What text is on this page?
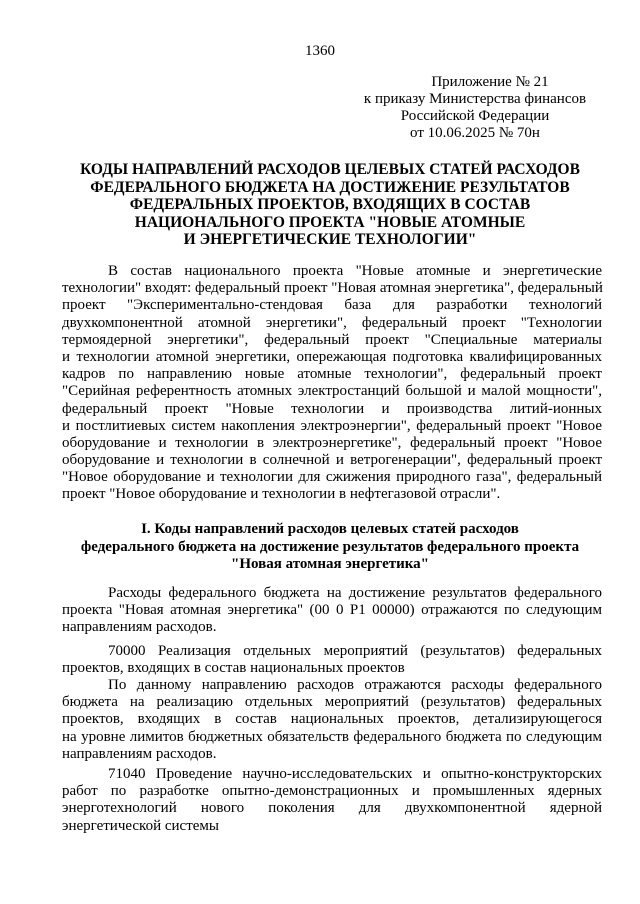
1360
Приложение № 21
к приказу Министерства финансов
Российской Федерации
от 10.06.2025 № 70н
КОДЫ НАПРАВЛЕНИЙ РАСХОДОВ ЦЕЛЕВЫХ СТАТЕЙ РАСХОДОВ
ФЕДЕРАЛЬНОГО БЮДЖЕТА НА ДОСТИЖЕНИЕ РЕЗУЛЬТАТОВ
ФЕДЕРАЛЬНЫХ ПРОЕКТОВ, ВХОДЯЩИХ В СОСТАВ
НАЦИОНАЛЬНОГО ПРОЕКТА "НОВЫЕ АТОМНЫЕ
И ЭНЕРГЕТИЧЕСКИЕ ТЕХНОЛОГИИ"
В состав национального проекта "Новые атомные и энергетические
технологии" входят: федеральный проект "Новая атомная энергетика", федеральный
проект "Экспериментально-стендовая база для разработки технологий
двухкомпонентной атомной энергетики", федеральный проект "Технологии
термоядерной энергетики", федеральный проект "Специальные материалы
и технологии атомной энергетики, опережающая подготовка квалифицированных
кадров по направлению новые атомные технологии", федеральный проект
"Серийная референтность атомных электростанций большой и малой мощности",
федеральный проект "Новые технологии и производства литий-ионных
и постлитиевых систем накопления электроэнергии", федеральный проект "Новое
оборудование и технологии в электроэнергетике", федеральный проект "Новое
оборудование и технологии в солнечной и ветрогенерации", федеральный проект
"Новое оборудование и технологии для сжижения природного газа", федеральный
проект "Новое оборудование и технологии в нефтегазовой отрасли".
I. Коды направлений расходов целевых статей расходов
федерального бюджета на достижение результатов федерального проекта
"Новая атомная энергетика"
Расходы федерального бюджета на достижение результатов федерального
проекта "Новая атомная энергетика" (00 0 Р1 00000) отражаются по следующим
направлениям расходов.
70000 Реализация отдельных мероприятий (результатов) федеральных
проектов, входящих в состав национальных проектов
По данному направлению расходов отражаются расходы федерального
бюджета на реализацию отдельных мероприятий (результатов) федеральных
проектов, входящих в состав национальных проектов, детализирующегося
на уровне лимитов бюджетных обязательств федерального бюджета по следующим
направлениям расходов.
71040 Проведение научно-исследовательских и опытно-конструкторских
работ по разработке опытно-демонстрационных и промышленных ядерных
энерготехнологий нового поколения для двухкомпонентной ядерной
энергетической системы
